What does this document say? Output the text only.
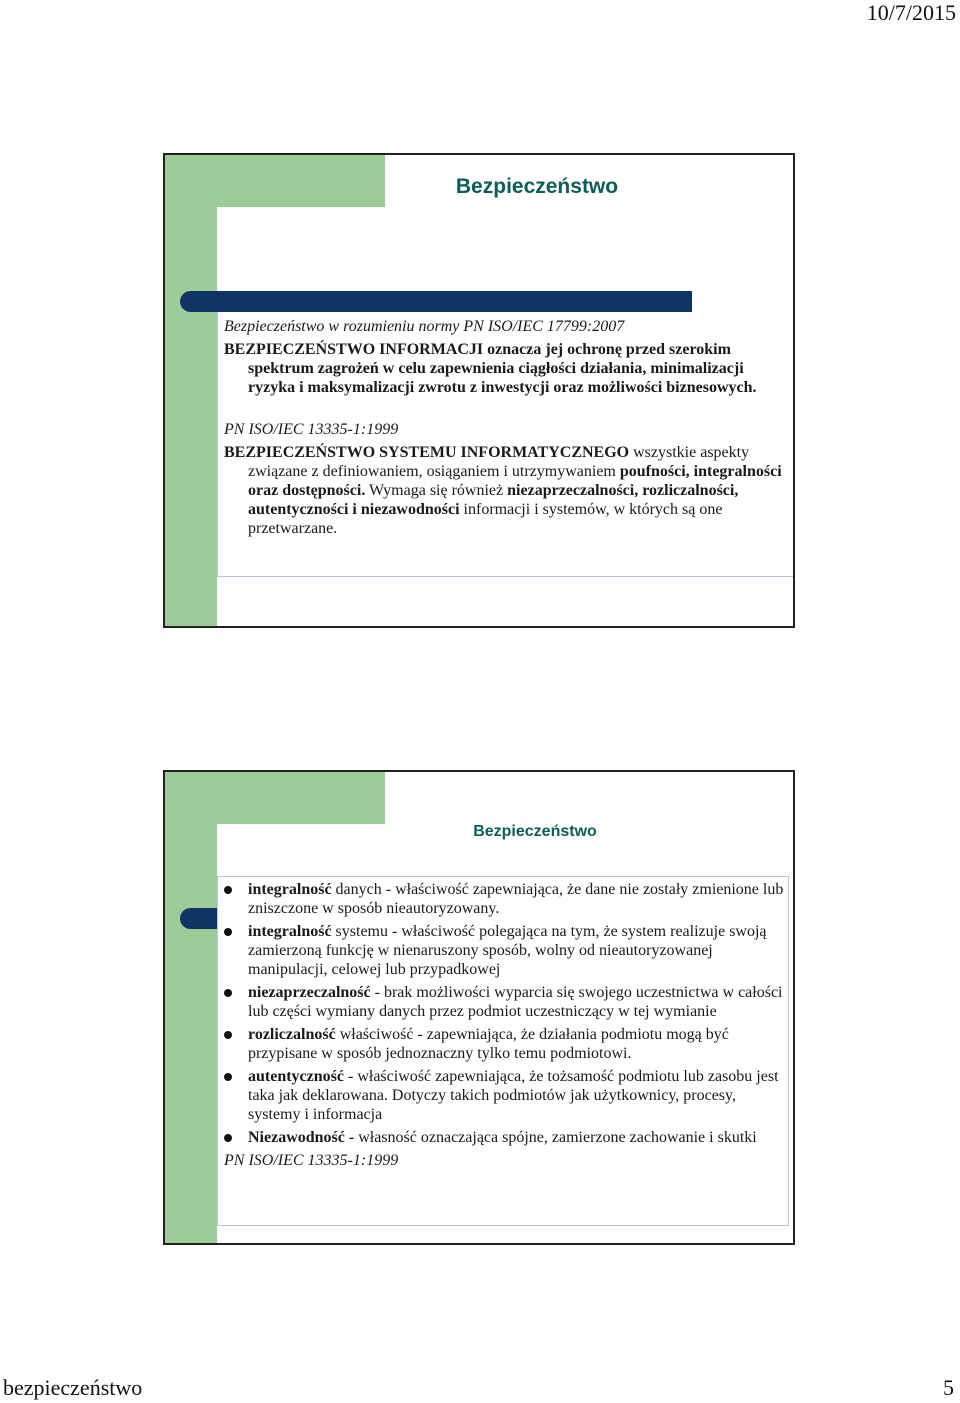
10/7/2015
Bezpieczeństwo

Bezpieczeństwo w rozumieniu normy PN ISO/IEC 17799:2007

BEZPIECZEŃSTWO INFORMACJI oznacza jej ochronę przed szerokim spektrum zagrożeń w celu zapewnienia ciągłości działania, minimalizacji ryzyka i maksymalizacji zwrotu z inwestycji oraz możliwości biznesowych.

PN ISO/IEC 13335-1:1999

BEZPIECZEŃSTWO SYSTEMU INFORMATYCZNEGO wszystkie aspekty związane z definiowaniem, osiąganiem i utrzymywaniem poufności, integralności oraz dostępności. Wymaga się również niezaprzeczalności, rozliczalności, autentyczności i niezawodności informacji i systemów, w których są one przetwarzane.

Bezpieczeństwo
integralność danych - właściwość zapewniająca, że dane nie zostały zmienione lub zniszczone w sposób nieautoryzowany.
integralność systemu - właściwość polegająca na tym, że system realizuje swoją zamierzoną funkcję w nienaruszony sposób, wolny od nieautoryzowanej manipulacji, celowej lub przypadkowej
niezaprzeczalność - brak możliwości wyparcia się swojego uczestnictwa w całości lub części wymiany danych przez podmiot uczestniczący w tej wymianie
rozliczalność właściwość - zapewniająca, że działania podmiotu mogą być przypisane w sposób jednoznaczny tylko temu podmiotowi.
autentyczność - właściwość zapewniająca, że tożsamość podmiotu lub zasobu jest taka jak deklarowana. Dotyczy takich podmiotów jak użytkownicy, procesy, systemy i informacja
Niezawodność - własność oznaczająca spójne, zamierzone zachowanie i skutki

PN ISO/IEC 13335-1:1999

bezpieczeństwo	5
